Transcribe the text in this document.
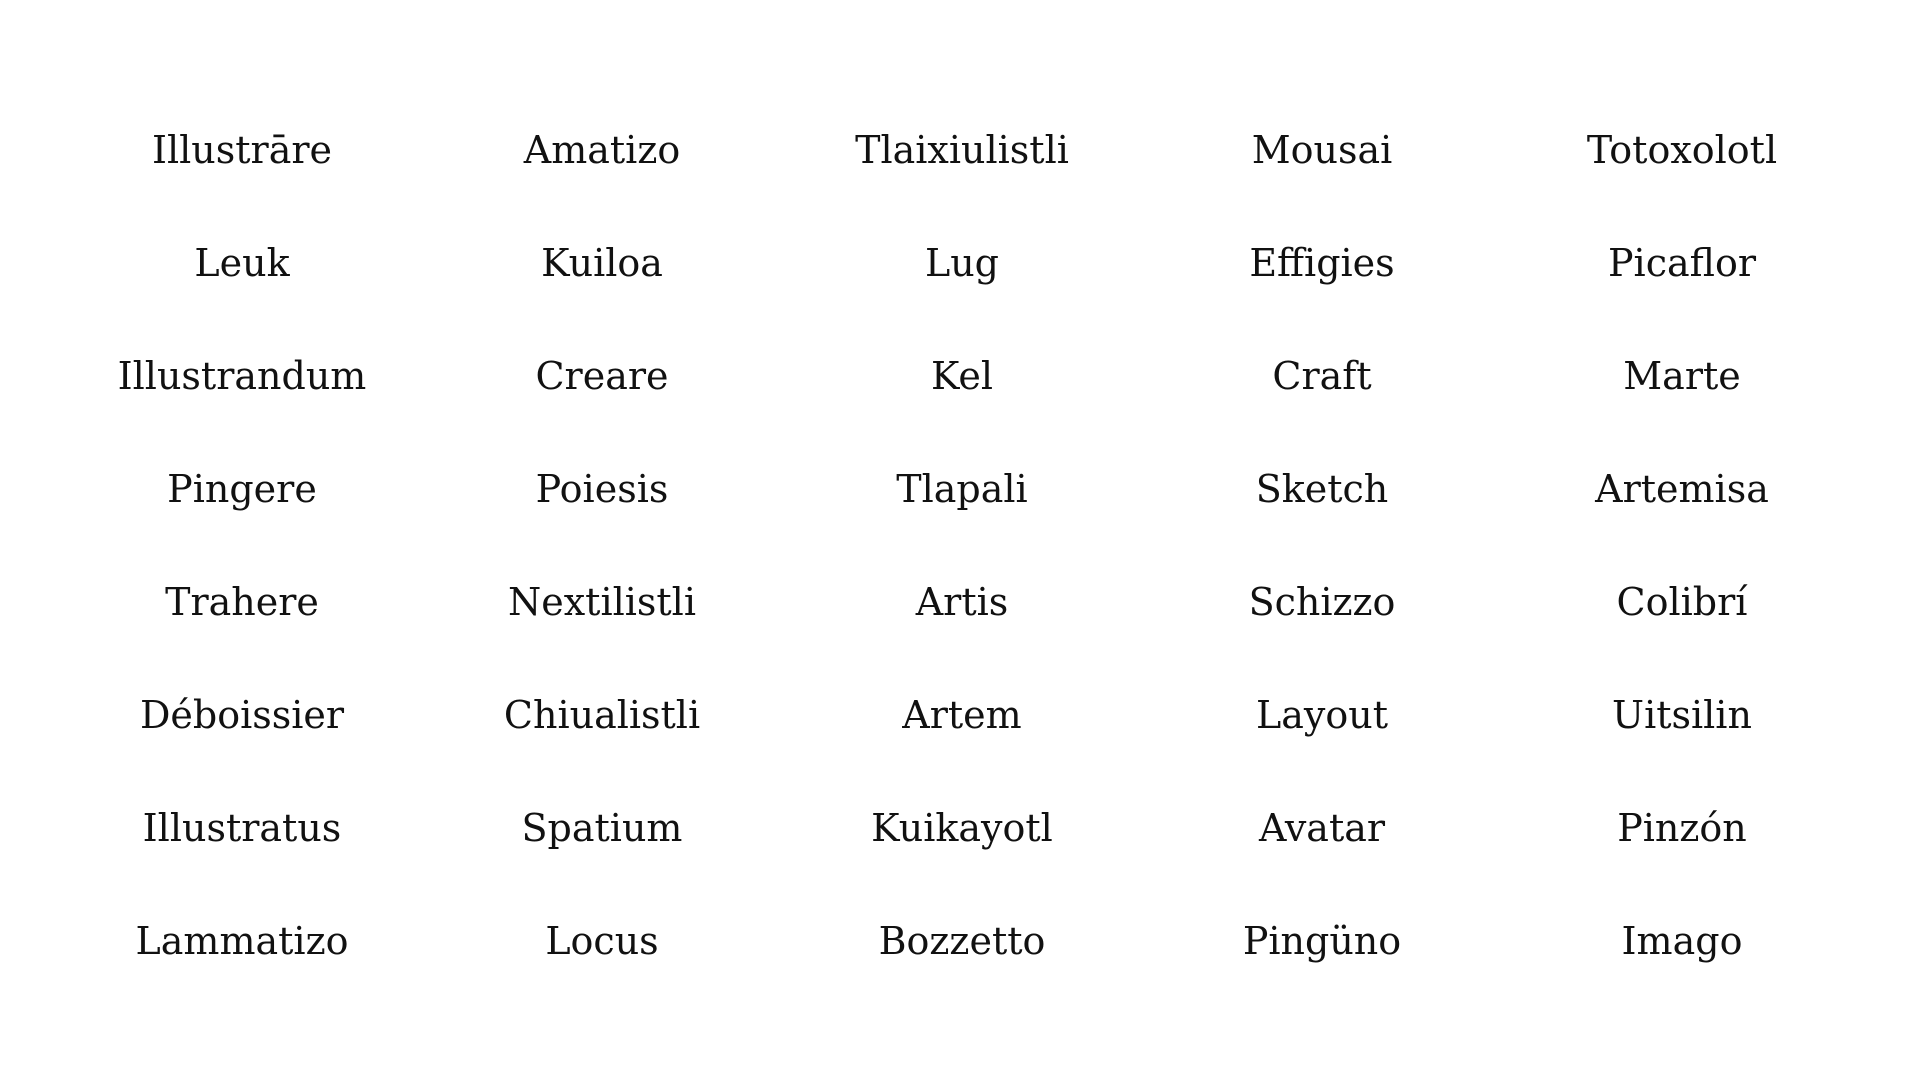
Illustrāre
Leuk
Illustrandum
Pingere
Trahere
Déboissier
Illustratus
Lammatizo
Amatizo
Kuiloa
Creare
Poiesis
Nextilistli
Chiualistli
Spatium
Locus
Tlaixiulistli
Lug
Kel
Tlapali
Artis
Artem
Kuikayotl
Bozzetto
Mousai
Effigies
Craft
Sketch
Schizzo
Layout
Avatar
Pingüno
Totoxolotl
Picaflor
Marte
Artemisa
Colibrí
Uitsilin
Pinzón
Imago
